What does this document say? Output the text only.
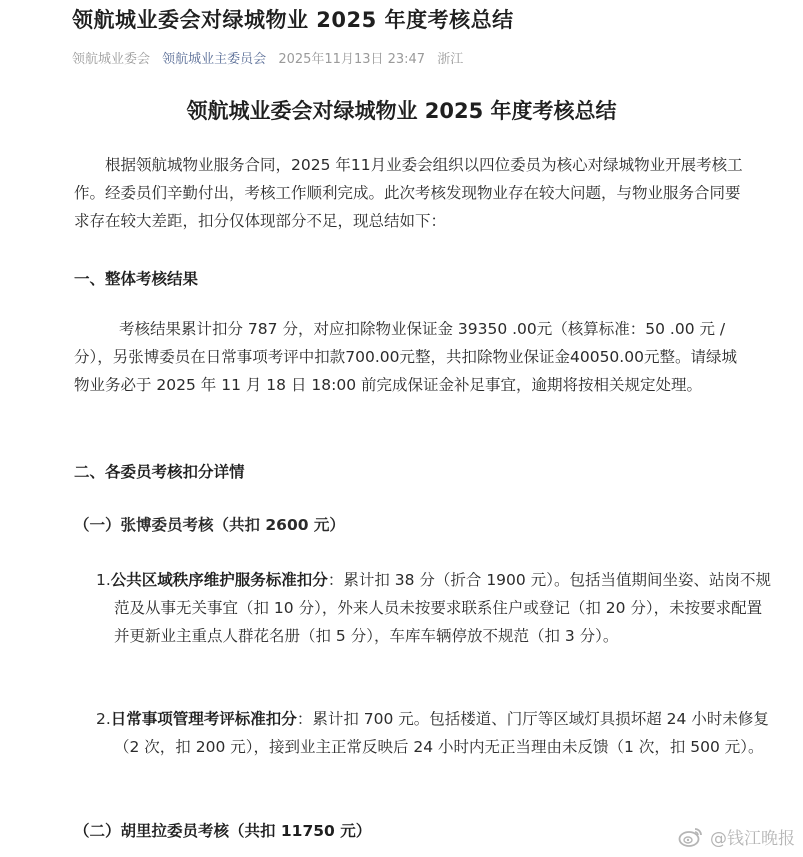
领航城业委会对绿城物业 2025 年度考核总结
领航城业委会 领航城业主委员会 2025年11月13日 23:47 浙江
领航城业委会对绿城物业 2025 年度考核总结

根据领航城物业服务合同，2025 年11月业委会组织以四位委员为核心对绿城物业开展考核工作。经委员们辛勤付出，考核工作顺利完成。此次考核发现物业存在较大问题，与物业服务合同要求存在较大差距，扣分仅体现部分不足，现总结如下：

一、整体考核结果

考核结果累计扣分 787 分，对应扣除物业保证金 39350 .00元（核算标准：50 .00 元 / 分），另张博委员在日常事项考评中扣款700.00元整，共扣除物业保证金40050.00元整。请绿城物业务必于 2025 年 11 月 18 日 18:00 前完成保证金补足事宜，逾期将按相关规定处理。

二、各委员考核扣分详情
（一）张博委员考核（共扣 2600 元）
1.公共区域秩序维护服务标准扣分：累计扣 38 分（折合 1900 元）。包括当值期间坐姿、站岗不规范及从事无关事宜（扣 10 分），外来人员未按要求联系住户或登记（扣 20 分），未按要求配置并更新业主重点人群花名册（扣 5 分），车库车辆停放不规范（扣 3 分）。
2.日常事项管理考评标准扣分：累计扣 700 元。包括楼道、门厅等区域灯具损坏超 24 小时未修复（2 次，扣 200 元），接到业主正常反映后 24 小时内无正当理由未反馈（1 次，扣 500 元）。
（二）胡里拉委员考核（共扣 11750 元）	@钱江晚报
